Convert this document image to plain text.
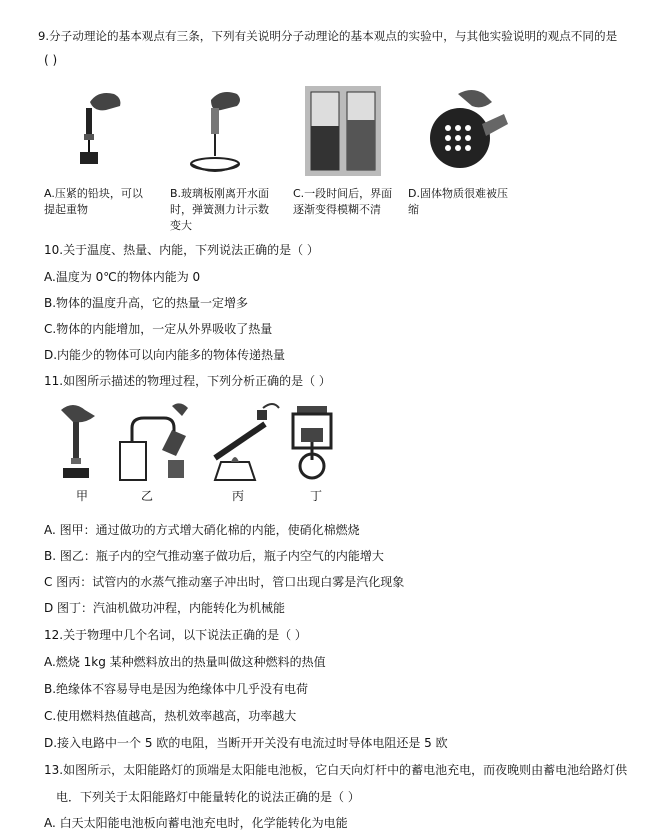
9.分子动理论的基本观点有三条，下列有关说明分子动理论的基本观点的实验中，与其他实验说明的观点不同的是
( )
A.压紧的铅块，可以
提起重物
B.玻璃板刚离开水面
时，弹簧测力计示数
变大
C.一段时间后，界面
逐渐变得模糊不清
D.固体物质很难被压
缩
10.关于温度、热量、内能，下列说法正确的是（ ）
A.温度为 0℃的物体内能为 0
B.物体的温度升高，它的热量一定增多
C.物体的内能增加，一定从外界吸收了热量
D.内能少的物体可以向内能多的物体传递热量
11.如图所示描述的物理过程，下列分析正确的是（ ）
甲	乙	丙	丁
A. 图甲：通过做功的方式增大硝化棉的内能，使硝化棉燃烧
B. 图乙：瓶子内的空气推动塞子做功后，瓶子内空气的内能增大
C 图丙：试管内的水蒸气推动塞子冲出时，管口出现白雾是汽化现象
D 图丁：汽油机做功冲程，内能转化为机械能
12.关于物理中几个名词，以下说法正确的是（ ）
A.燃烧 1kg 某种燃料放出的热量叫做这种燃料的热值
B.绝缘体不容易导电是因为绝缘体中几乎没有电荷
C.使用燃料热值越高，热机效率越高，功率越大
D.接入电路中一个 5 欧的电阻，当断开开关没有电流过时导体电阻还是 5 欧
13.如图所示，太阳能路灯的顶端是太阳能电池板，它白天向灯杆中的蓄电池充电，而夜晚则由蓄电池给路灯供
电．下列关于太阳能路灯中能量转化的说法正确的是（ ）
A. 白天太阳能电池板向蓄电池充电时，化学能转化为电能
